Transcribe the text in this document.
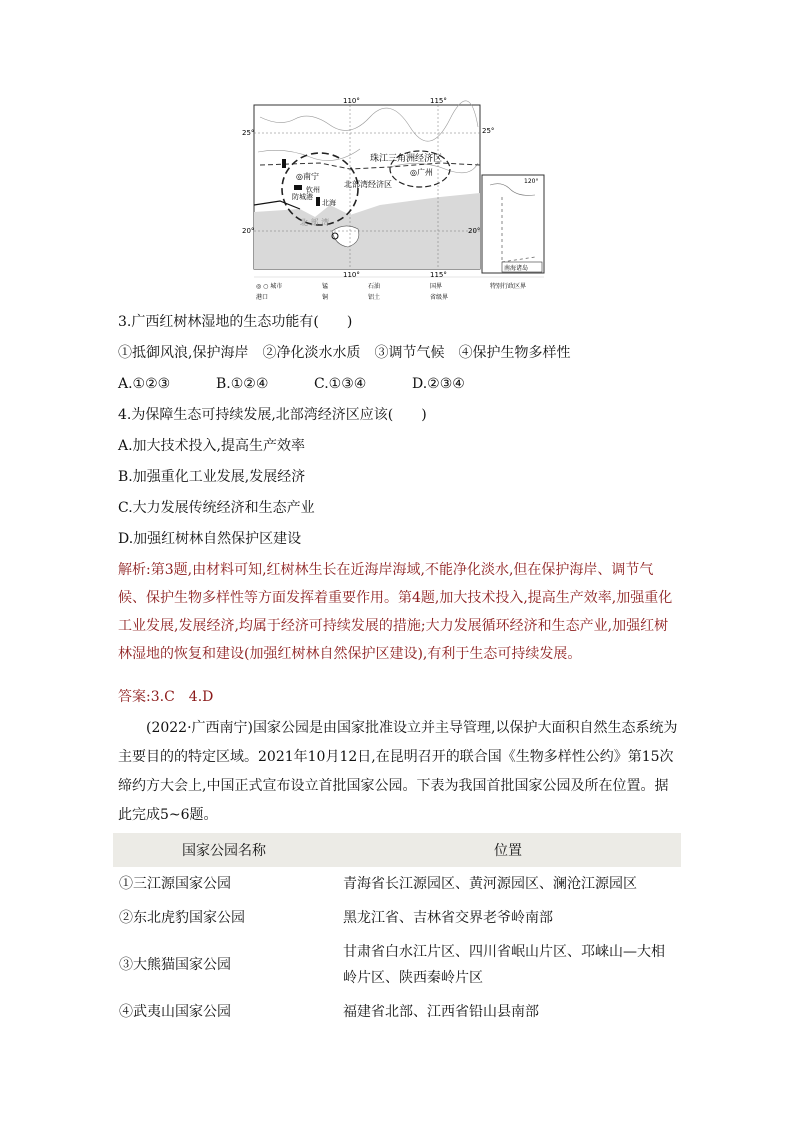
110°	115°
25°
20°
110°	115°
120°
25°
20°
◎南宁
钦州
防城港
北海
◎广州
珠江三角洲经济区
北部湾经济区
北 部 湾
南海诸岛
◎ ○ 城市	锰	石油	国界	特别行政区界
港口	铜	铝土	省级界
3.广西红树林湿地的生态功能有(　　)
①抵御风浪,保护海岸　②净化淡水水质　③调节气候　④保护生物多样性
A.①②③	B.①②④	C.①③④	D.②③④
4.为保障生态可持续发展,北部湾经济区应该(　　)
A.加大技术投入,提高生产效率
B.加强重化工业发展,发展经济
C.大力发展传统经济和生态产业
D.加强红树林自然保护区建设
解析:第3题,由材料可知,红树林生长在近海岸海域,不能净化淡水,但在保护海岸、调节气候、保护生物多样性等方面发挥着重要作用。第4题,加大技术投入,提高生产效率,加强重化工业发展,发展经济,均属于经济可持续发展的措施;大力发展循环经济和生态产业,加强红树林湿地的恢复和建设(加强红树林自然保护区建设),有利于生态可持续发展。
答案:3.C　4.D
(2022·广西南宁)国家公园是由国家批准设立并主导管理,以保护大面积自然生态系统为主要目的的特定区域。2021年10月12日,在昆明召开的联合国《生物多样性公约》第15次缔约方大会上,中国正式宣布设立首批国家公园。下表为我国首批国家公园及所在位置。据此完成5~6题。
国家公园名称	位置
①三江源国家公园	青海省长江源园区、黄河源园区、澜沧江源园区
②东北虎豹国家公园	黑龙江省、吉林省交界老爷岭南部
③大熊猫国家公园	甘肃省白水江片区、四川省岷山片区、邛崃山—大相岭片区、陕西秦岭片区
④武夷山国家公园	福建省北部、江西省铅山县南部
